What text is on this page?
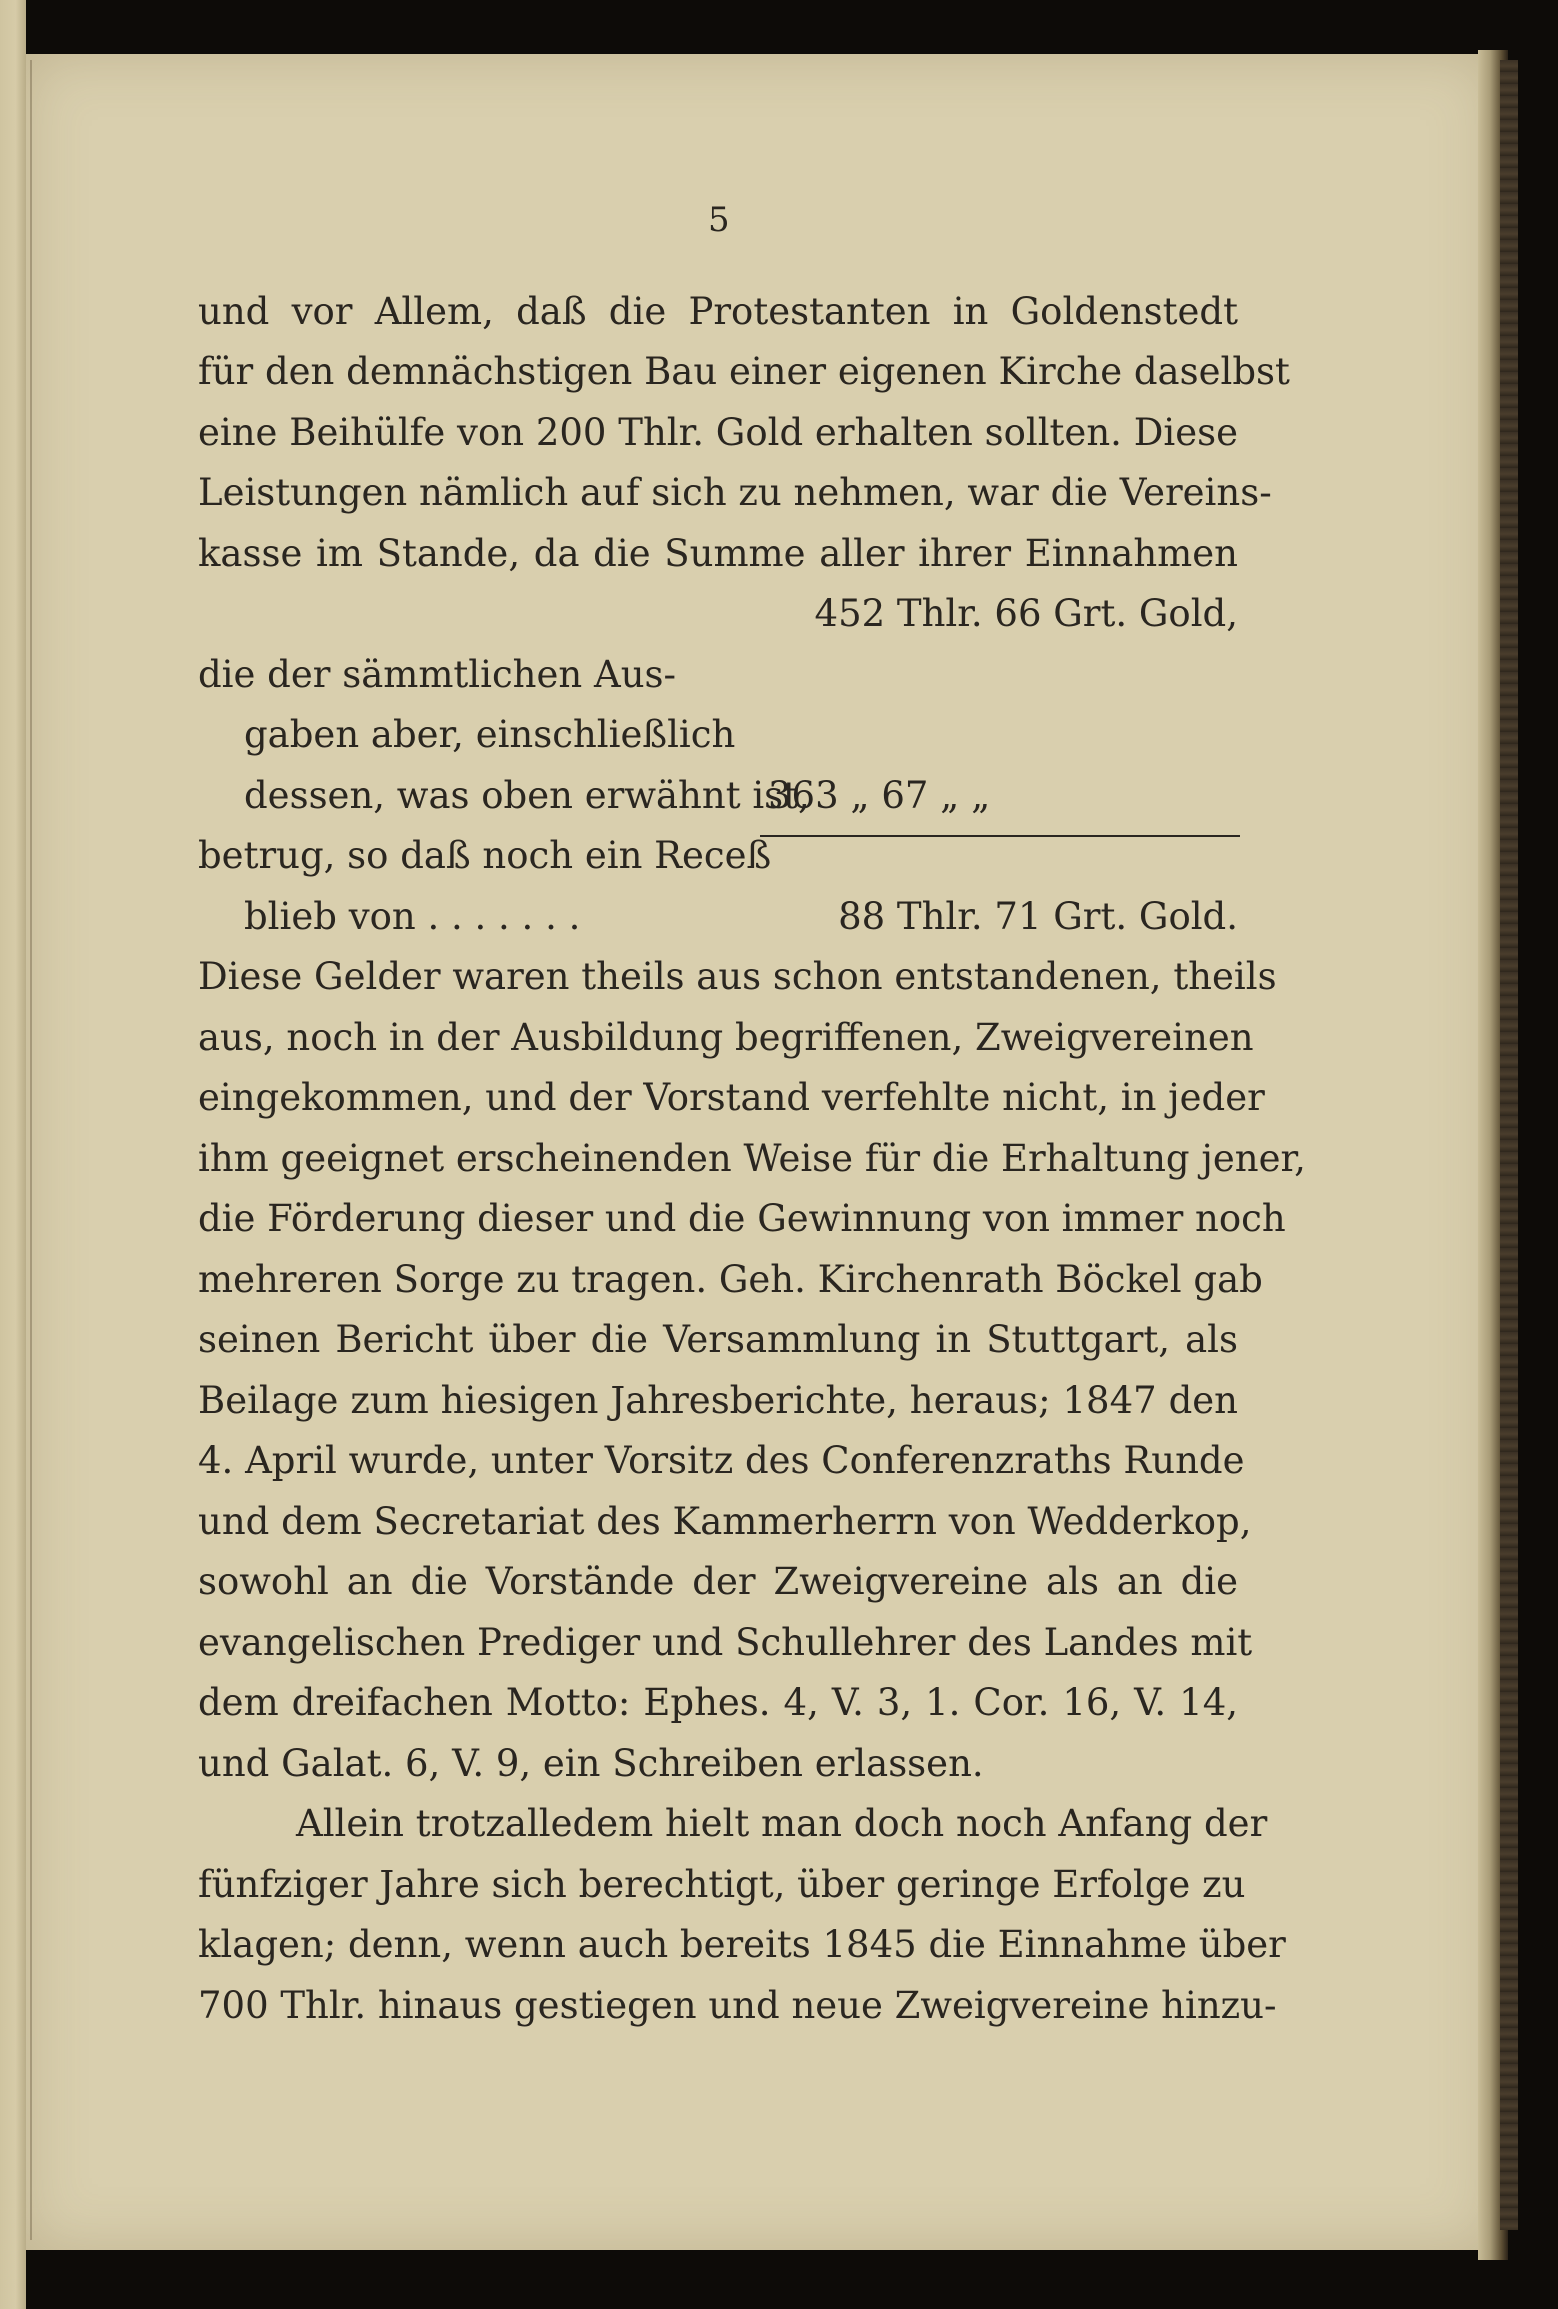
5
und vor Allem, daß die Protestanten in Goldenstedt
für den demnächstigen Bau einer eigenen Kirche daselbst
eine Beihülfe von 200 Thlr. Gold erhalten sollten. Diese
Leistungen nämlich auf sich zu nehmen, war die Vereins-
kasse im Stande, da die Summe aller ihrer Einnahmen
452 Thlr. 66 Grt. Gold,
die der sämmtlichen Aus-
gaben aber, einschließlich
dessen, was oben erwähnt ist,
363 „ 67 „ „
betrug, so daß noch ein Receß
blieb von . . . . . . .	88 Thlr. 71 Grt. Gold.
Diese Gelder waren theils aus schon entstandenen, theils
aus, noch in der Ausbildung begriffenen, Zweigvereinen
eingekommen, und der Vorstand verfehlte nicht, in jeder
ihm geeignet erscheinenden Weise für die Erhaltung jener,
die Förderung dieser und die Gewinnung von immer noch
mehreren Sorge zu tragen. Geh. Kirchenrath Böckel gab
seinen Bericht über die Versammlung in Stuttgart, als
Beilage zum hiesigen Jahresberichte, heraus; 1847 den
4. April wurde, unter Vorsitz des Conferenzraths Runde
und dem Secretariat des Kammerherrn von Wedderkop,
sowohl an die Vorstände der Zweigvereine als an die
evangelischen Prediger und Schullehrer des Landes mit
dem dreifachen Motto: Ephes. 4, V. 3, 1. Cor. 16, V. 14,
und Galat. 6, V. 9, ein Schreiben erlassen.
Allein trotzalledem hielt man doch noch Anfang der
fünfziger Jahre sich berechtigt, über geringe Erfolge zu
klagen; denn, wenn auch bereits 1845 die Einnahme über
700 Thlr. hinaus gestiegen und neue Zweigvereine hinzu-
